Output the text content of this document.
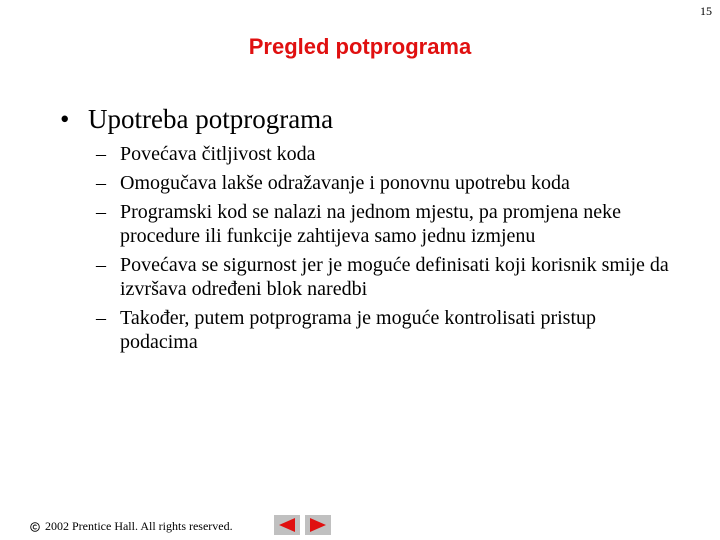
15
Pregled potprograma
• Upotreba potprograma
– Povećava čitljivost koda
– Omogučava lakše odražavanje i ponovnu upotrebu koda
– Programski kod se nalazi na jednom mjestu, pa promjena neke procedure ili funkcije zahtijeva samo jednu izmjenu
– Povećava se sigurnost jer je moguće definisati koji korisnik smije da izvršava određeni blok naredbi
– Također, putem potprograma je moguće kontrolisati pristup podacima
2002 Prentice Hall. All rights reserved.
